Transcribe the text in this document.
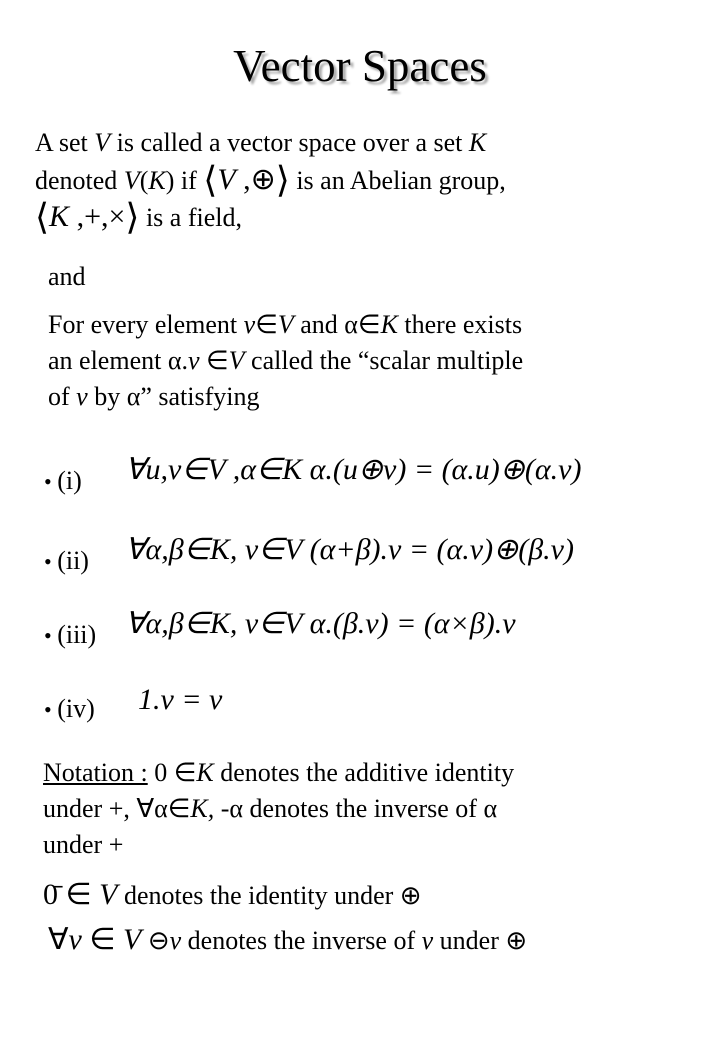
Vector Spaces
A set V is called a vector space over a set K
denoted V(K) if ⟨V ,⊕⟩ is an Abelian group,
⟨K ,+,×⟩ is a field,
and
For every element v∈V and α∈K there exists
an element α.v ∈V called the “scalar multiple
of v by α” satisfying
• (i)
• (ii)
• (iii)
• (iv)
Notation : 0 ∈K denotes the additive identity
under +, ∀α∈K, -α denotes the inverse of α
under +
0̄ ∈ V denotes the identity under ⊕
∀v ∈ V ⊖v denotes the inverse of v under ⊕
∀u,v∈V ,α∈K α.(u⊕v) = (α.u)⊕(α.v)
∀α,β∈K, v∈V (α+β).v = (α.v)⊕(β.v)
∀α,β∈K, v∈V α.(β.v) = (α×β).v
1.v = v
